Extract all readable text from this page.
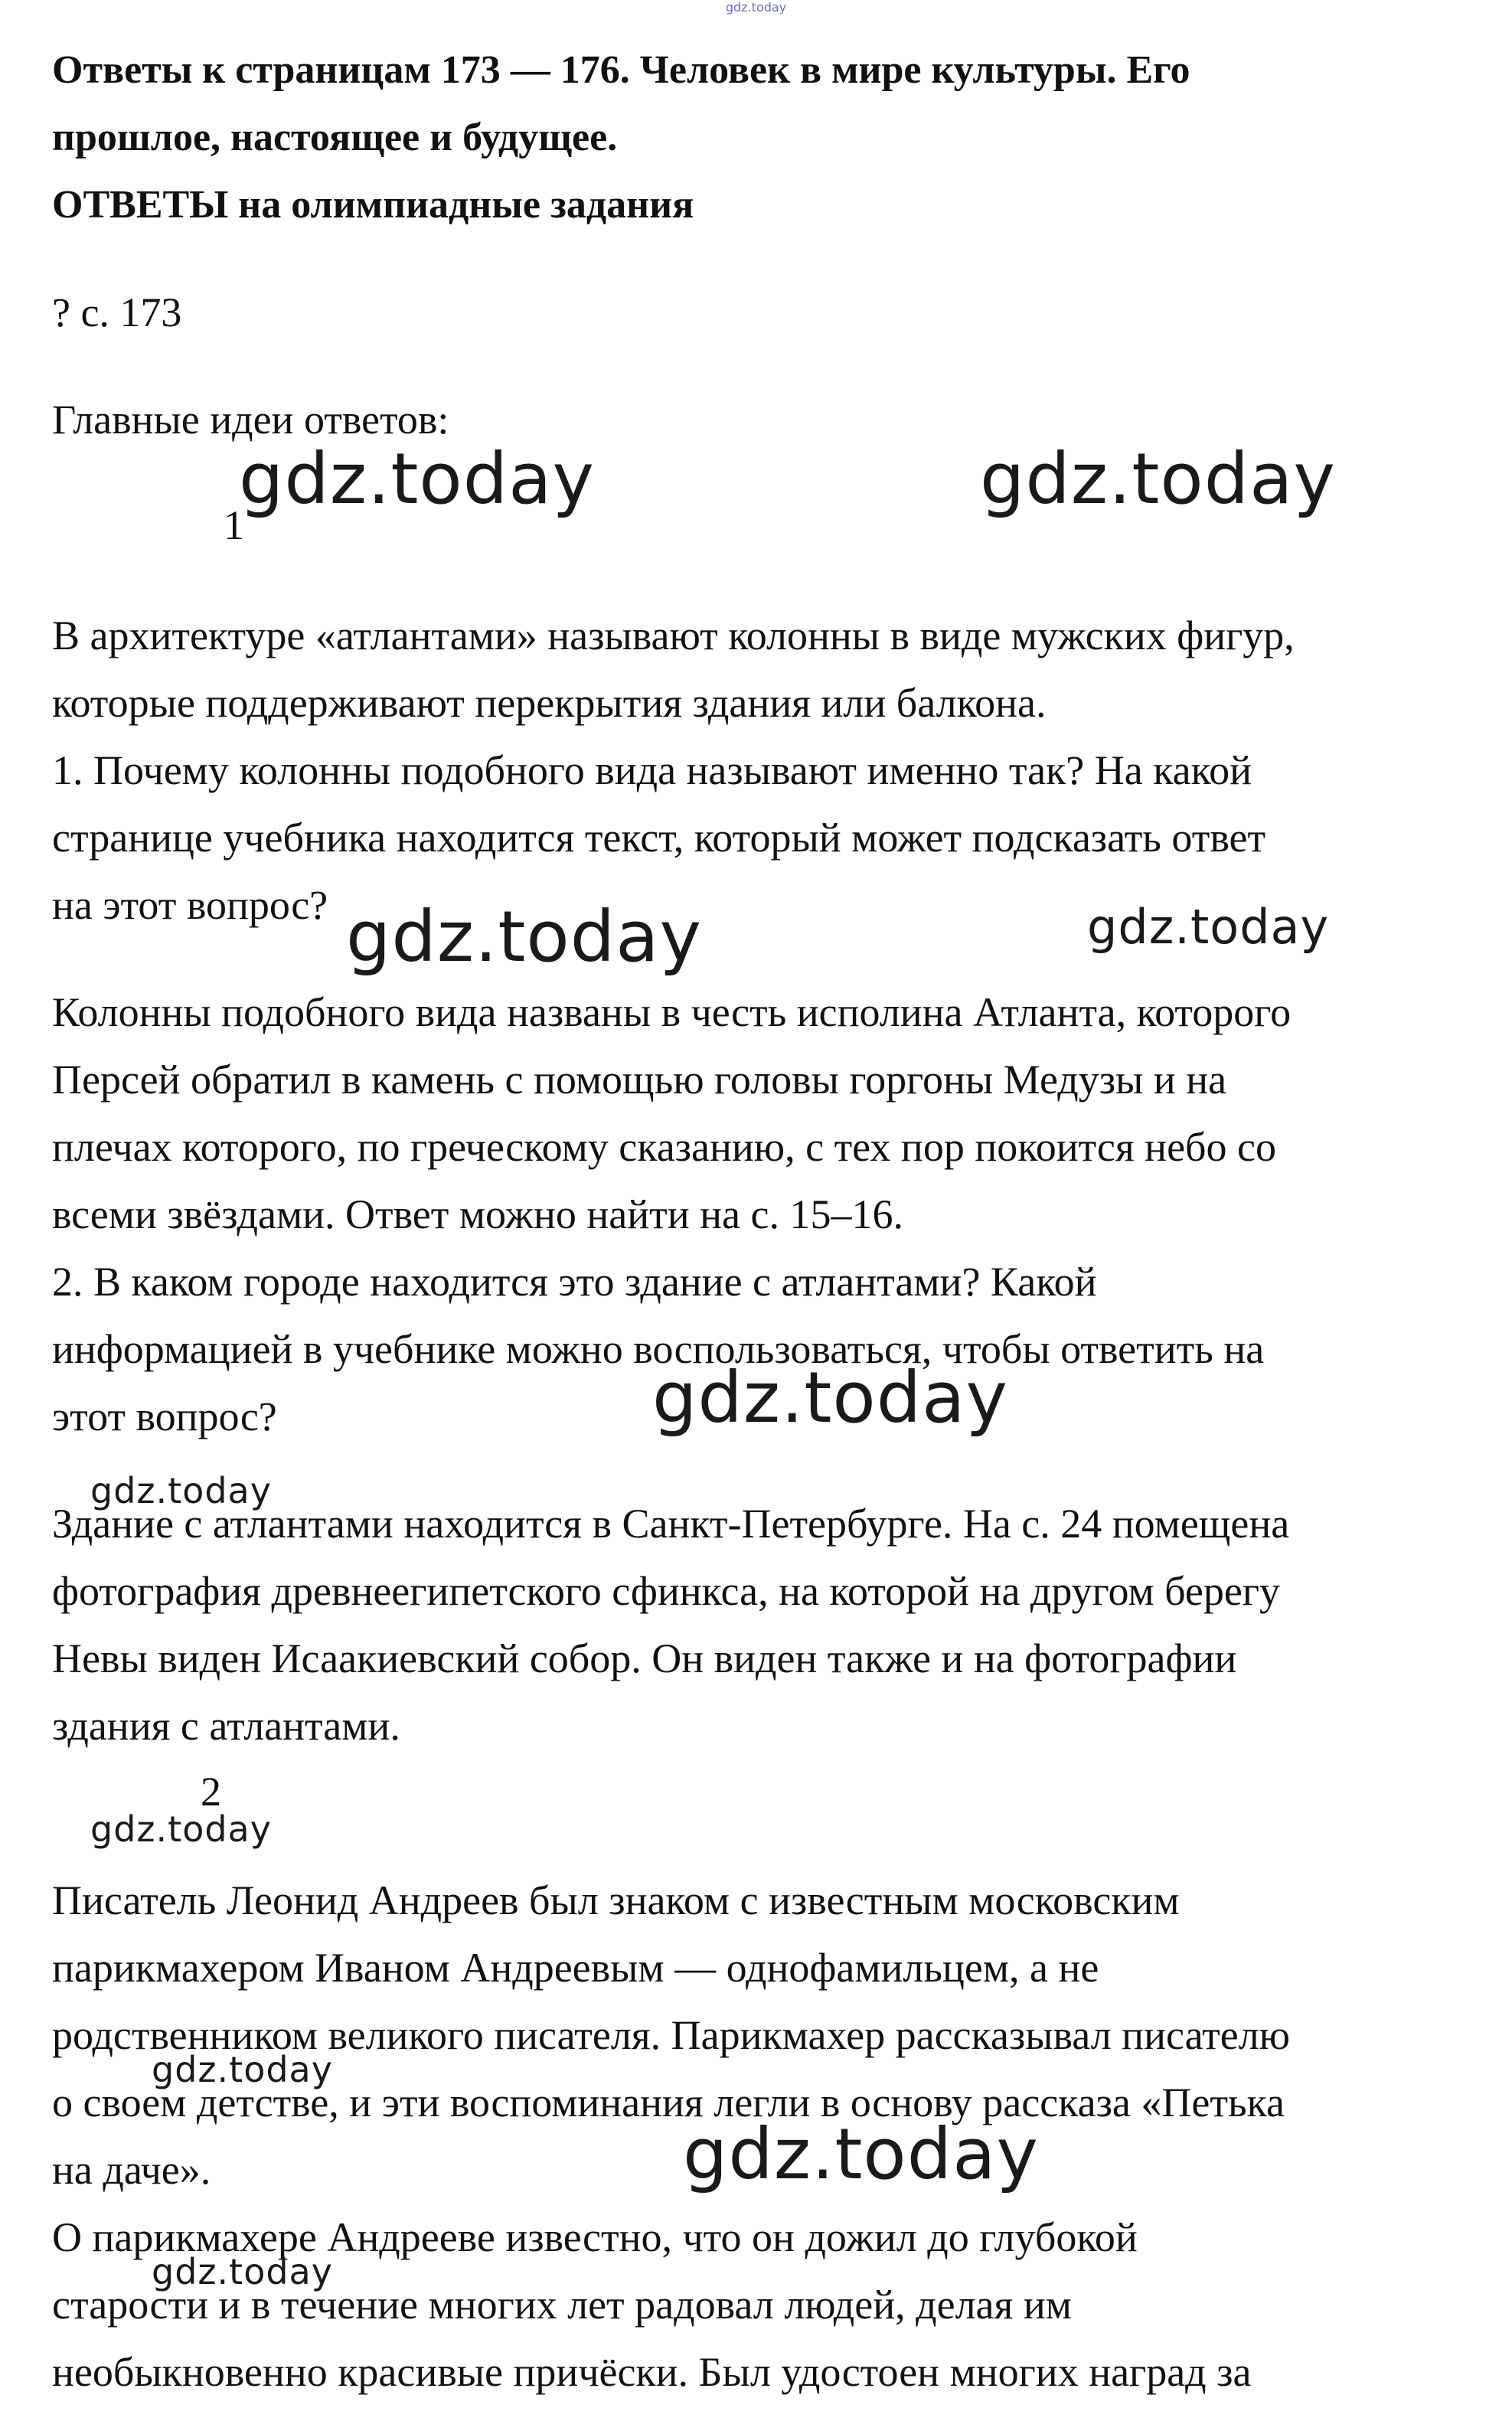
gdz.today
Ответы к страницам 173 — 176. Человек в мире культуры. Его
прошлое, настоящее и будущее.
ОТВЕТЫ на олимпиадные задания
? с. 173
Главные идеи ответов:
1
В архитектуре «атлантами» называют колонны в виде мужских фигур,
которые поддерживают перекрытия здания или балкона.
1. Почему колонны подобного вида называют именно так? На какой
странице учебника находится текст, который может подсказать ответ
на этот вопрос?
Колонны подобного вида названы в честь исполина Атланта, которого
Персей обратил в камень с помощью головы горгоны Медузы и на
плечах которого, по греческому сказанию, с тех пор покоится небо со
всеми звёздами. Ответ можно найти на с. 15–16.
2. В каком городе находится это здание с атлантами? Какой
информацией в учебнике можно воспользоваться, чтобы ответить на
этот вопрос?
Здание с атлантами находится в Санкт-Петербурге. На с. 24 помещена
фотография древнеегипетского сфинкса, на которой на другом берегу
Невы виден Исаакиевский собор. Он виден также и на фотографии
здания с атлантами.
2
Писатель Леонид Андреев был знаком с известным московским
парикмахером Иваном Андреевым — однофамильцем, а не
родственником великого писателя. Парикмахер рассказывал писателю
о своем детстве, и эти воспоминания легли в основу рассказа «Петька
на даче».
О парикмахере Андрееве известно, что он дожил до глубокой
старости и в течение многих лет радовал людей, делая им
необыкновенно красивые причёски. Был удостоен многих наград за
gdz.today	gdz.today
gdz.today	gdz.today
gdz.today
gdz.today
gdz.today
gdz.today
gdz.today
gdz.today
